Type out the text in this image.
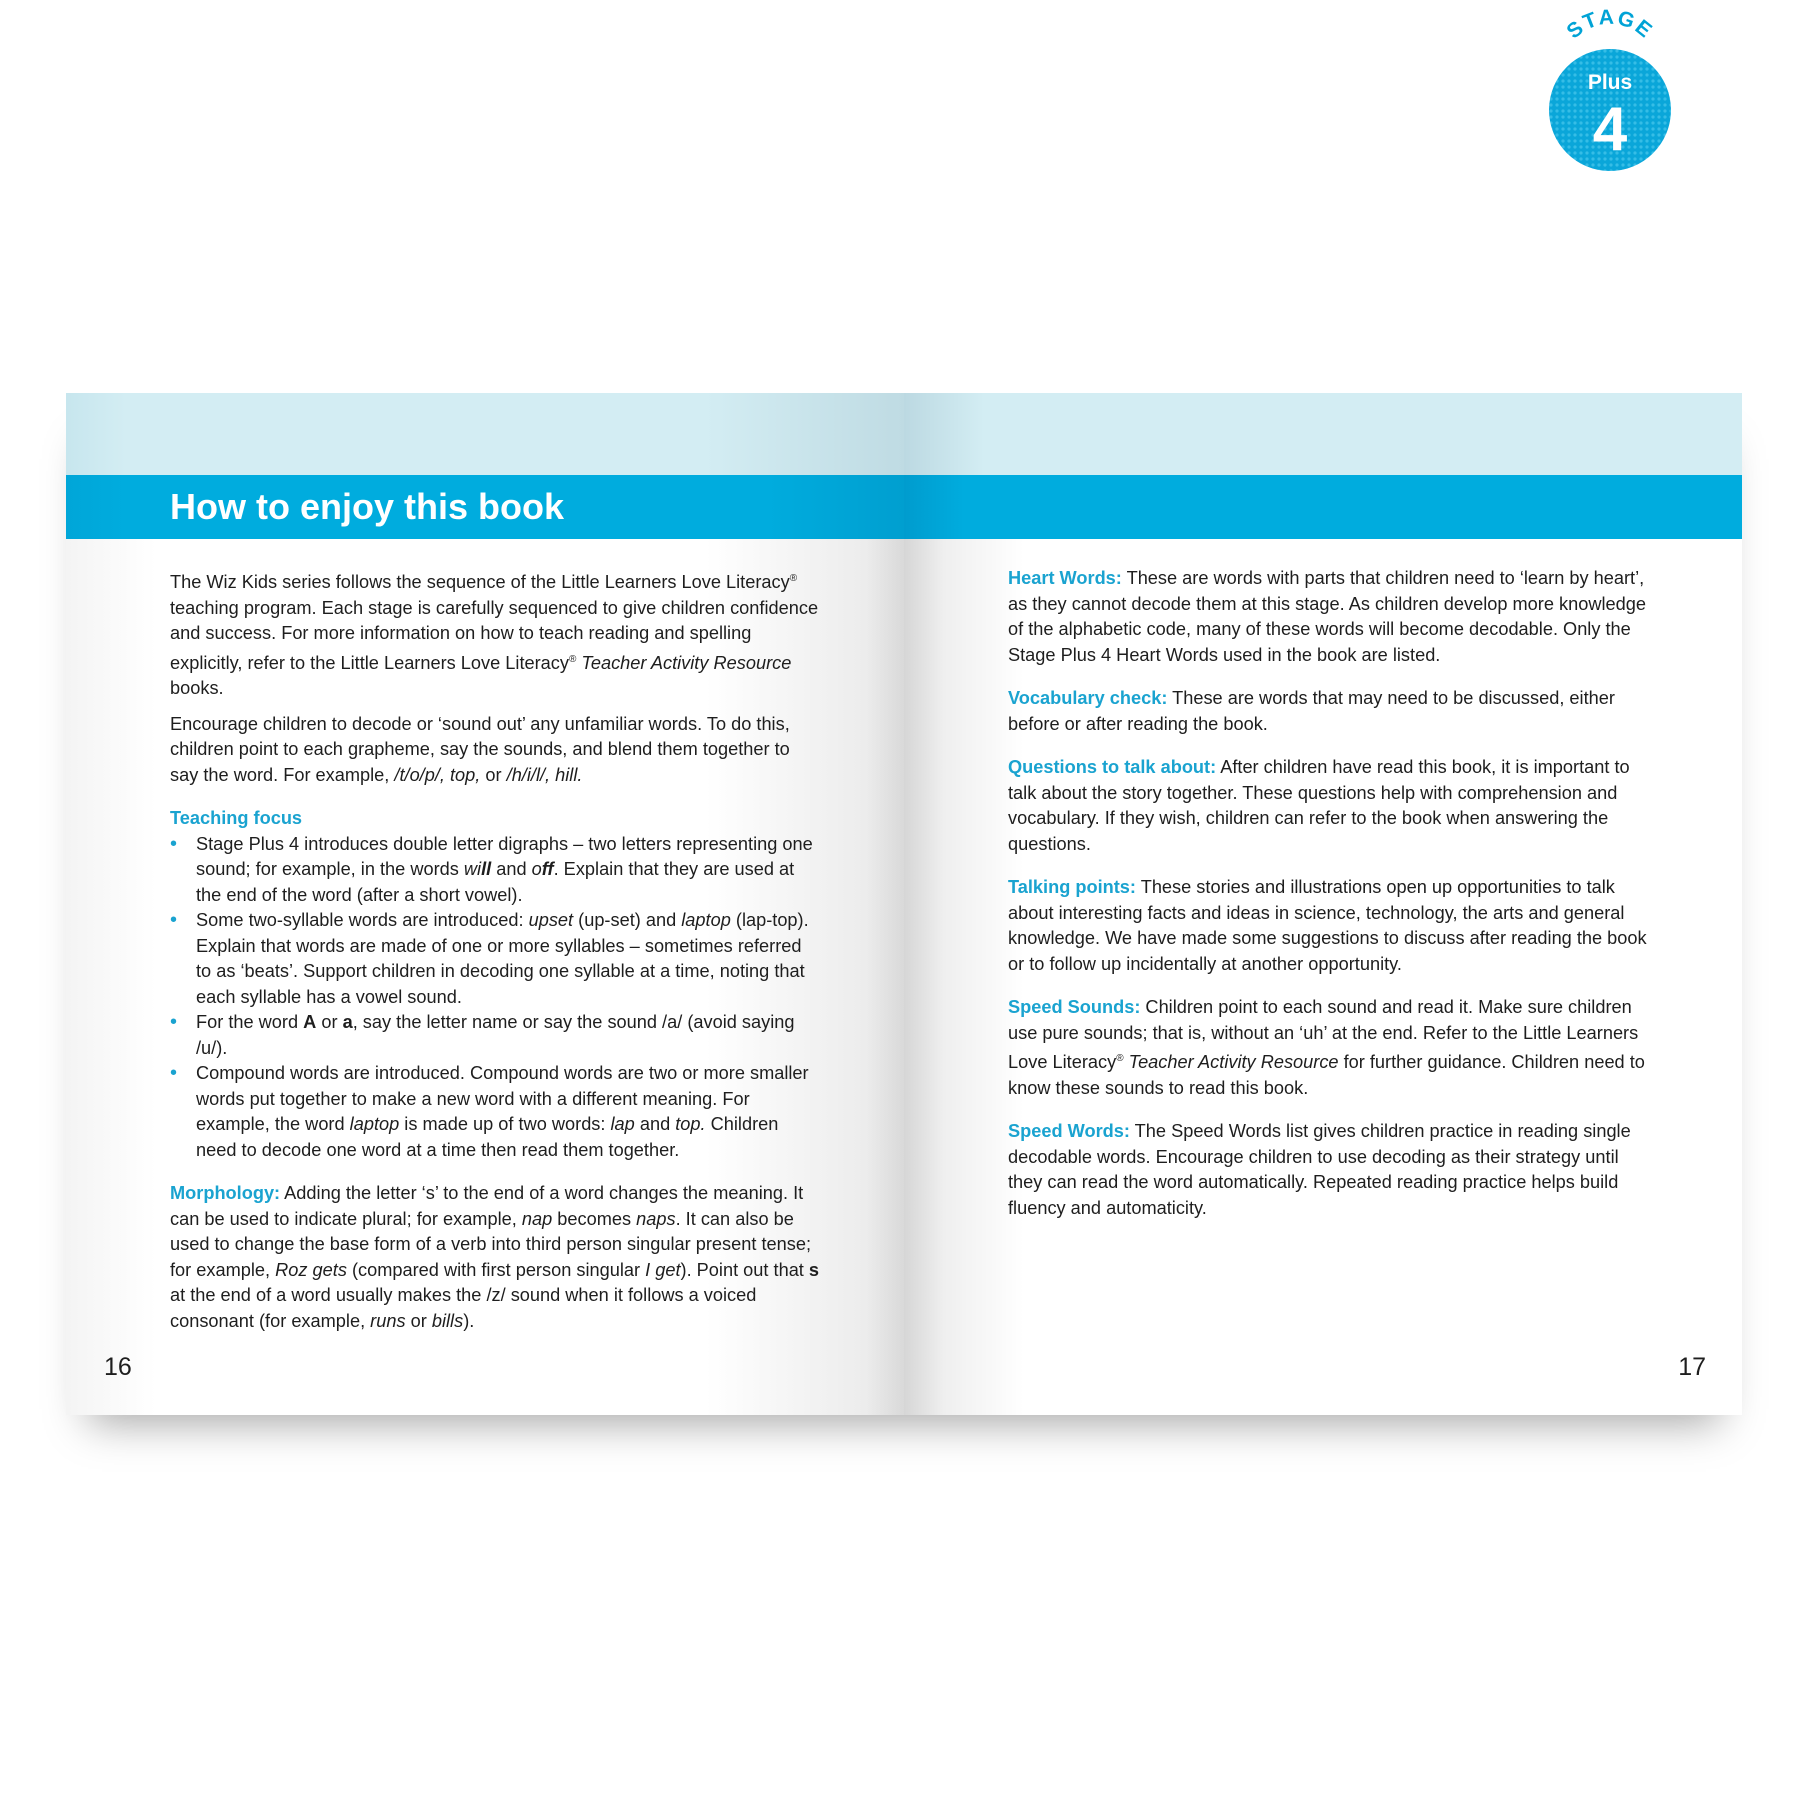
How to enjoy this book

The Wiz Kids series follows the sequence of the Little Learners Love Literacy® teaching program. Each stage is carefully sequenced to give children confidence and success. For more information on how to teach reading and spelling explicitly, refer to the Little Learners Love Literacy® Teacher Activity Resource books.

Encourage children to decode or ‘sound out’ any unfamiliar words. To do this, children point to each grapheme, say the sounds, and blend them together to say the word. For example, /t/o/p/, top, or /h/i/l/, hill.

Teaching focus
• Stage Plus 4 introduces double letter digraphs – two letters representing one sound; for example, in the words will and off. Explain that they are used at the end of the word (after a short vowel).
• Some two-syllable words are introduced: upset (up-set) and laptop (lap-top). Explain that words are made of one or more syllables – sometimes referred to as ‘beats’. Support children in decoding one syllable at a time, noting that each syllable has a vowel sound.
• For the word A or a, say the letter name or say the sound /a/ (avoid saying /u/).
• Compound words are introduced. Compound words are two or more smaller words put together to make a new word with a different meaning. For example, the word laptop is made up of two words: lap and top. Children need to decode one word at a time then read them together.

Morphology: Adding the letter ‘s’ to the end of a word changes the meaning. It can be used to indicate plural; for example, nap becomes naps. It can also be used to change the base form of a verb into third person singular present tense; for example, Roz gets (compared with first person singular I get). Point out that s at the end of a word usually makes the /z/ sound when it follows a voiced consonant (for example, runs or bills).

16

Heart Words: These are words with parts that children need to ‘learn by heart’, as they cannot decode them at this stage. As children develop more knowledge of the alphabetic code, many of these words will become decodable. Only the Stage Plus 4 Heart Words used in the book are listed.

Vocabulary check: These are words that may need to be discussed, either before or after reading the book.

Questions to talk about: After children have read this book, it is important to talk about the story together. These questions help with comprehension and vocabulary. If they wish, children can refer to the book when answering the questions.

Talking points: These stories and illustrations open up opportunities to talk about interesting facts and ideas in science, technology, the arts and general knowledge. We have made some suggestions to discuss after reading the book or to follow up incidentally at another opportunity.

Speed Sounds: Children point to each sound and read it. Make sure children use pure sounds; that is, without an ‘uh’ at the end. Refer to the Little Learners Love Literacy® Teacher Activity Resource for further guidance. Children need to know these sounds to read this book.

Speed Words: The Speed Words list gives children practice in reading single decodable words. Encourage children to use decoding as their strategy until they can read the word automatically. Repeated reading practice helps build fluency and automaticity.

17
STAGE
Plus
4
